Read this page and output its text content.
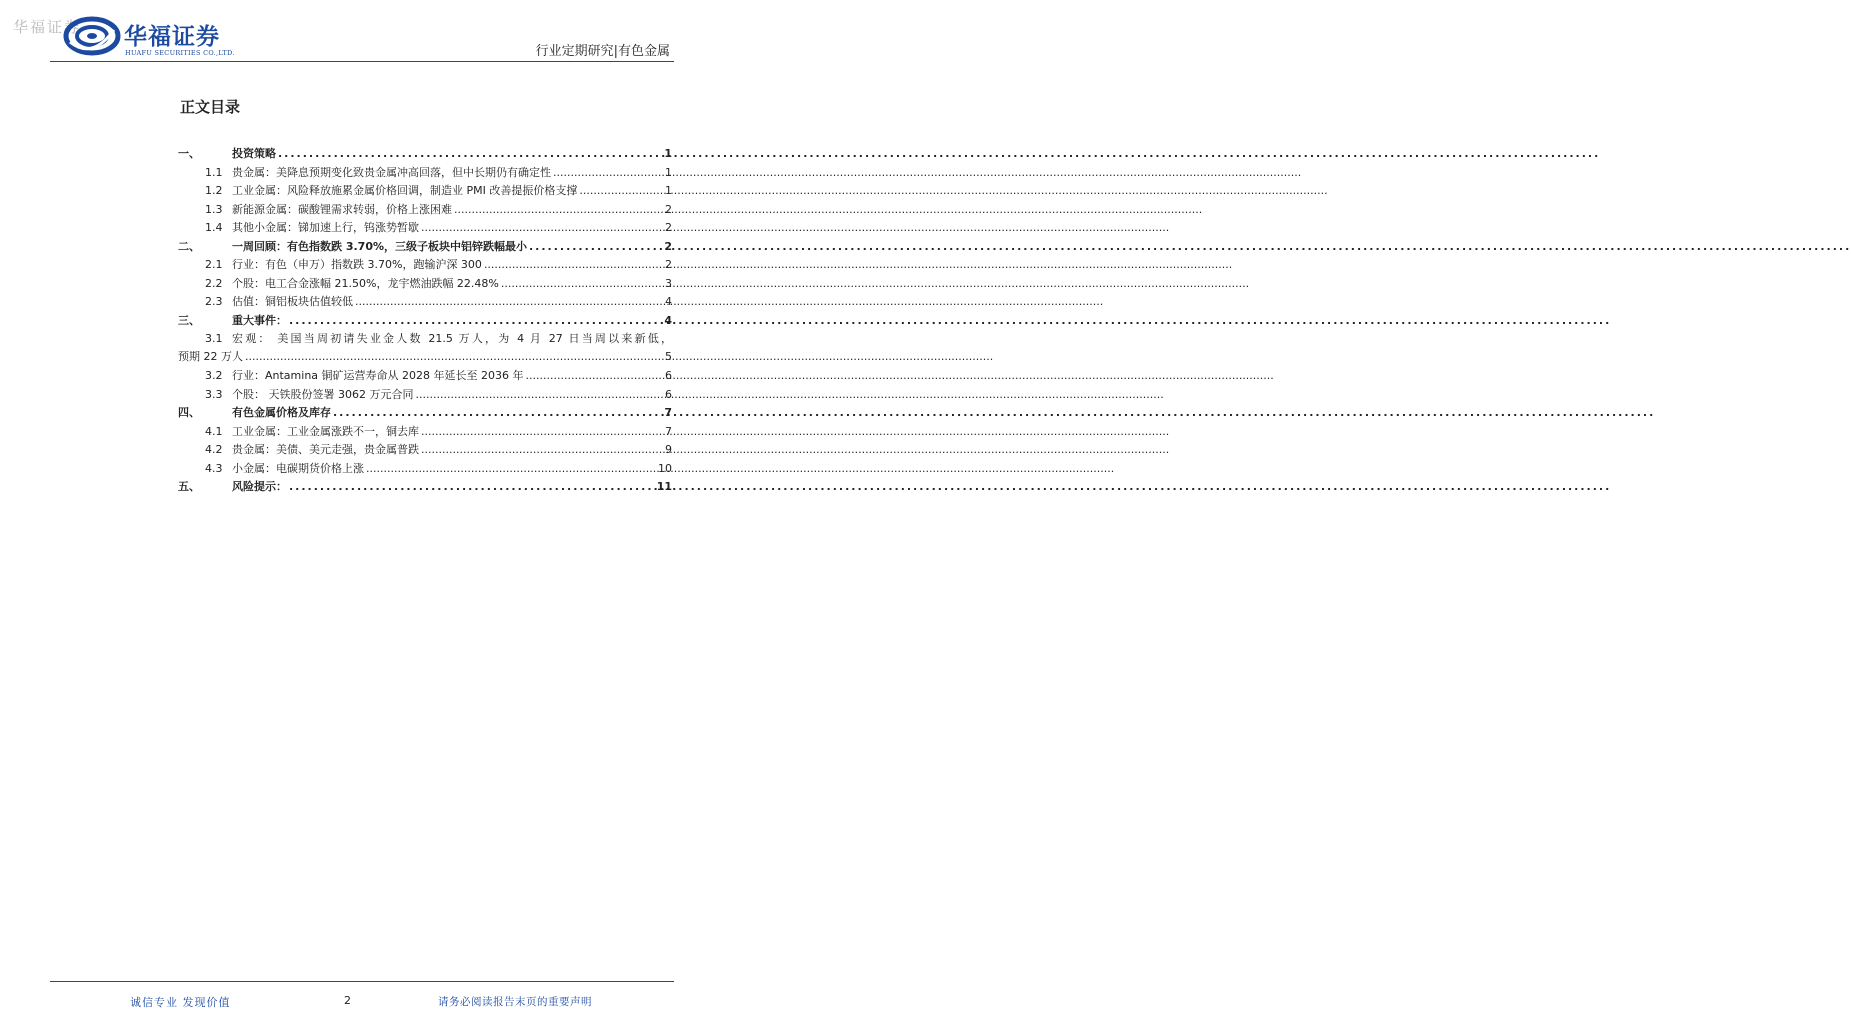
华福证券 华福证券
HUAFU SECURITIES CO.,LTD.	行业定期研究|有色金属
正文目录
一、	投资策略 .....	1
1.1 贵金属：美降息预期变化致贵金属冲高回落，但中长期仍有确定性 .....	1
1.2 工业金属：风险释放施累金属价格回调，制造业 PMI 改善提振价格支撑 .....	1
1.3 新能源金属：碳酸锂需求转弱，价格上涨困难 .....	2
1.4 其他小金属：锑加速上行，钨涨势暂歇 .....	2
二、	一周回顾：有色指数跌 3.70%，三级子板块中铝锌跌幅最小 .....	2
2.1 行业：有色（申万）指数跌 3.70%，跑输沪深 300 .....	2
2.2 个股：电工合金涨幅 21.50%，龙宇燃油跌幅 22.48% .....	3
2.3 估值：铜铝板块估值较低 .....	4
三、	重大事件： .....	4
3.1 宏观： 美国当周初请失业金人数 21.5 万人，为 4 月 27 日当周以来新低，
预期 22 万人 .....	5
3.2 行业：Antamina 铜矿运营寿命从 2028 年延长至 2036 年 .....	6
3.3 个股： 天铁股份签署 3062 万元合同 .....	6
四、	有色金属价格及库存 .....	7
4.1 工业金属：工业金属涨跌不一，铜去库 .....	7
4.2 贵金属：美债、美元走强，贵金属普跌 .....	9
4.3 小金属：电碳期货价格上涨 .....	10
五、	风险提示： .....	11
诚信专业 发现价值	2	请务必阅读报告末页的重要声明
